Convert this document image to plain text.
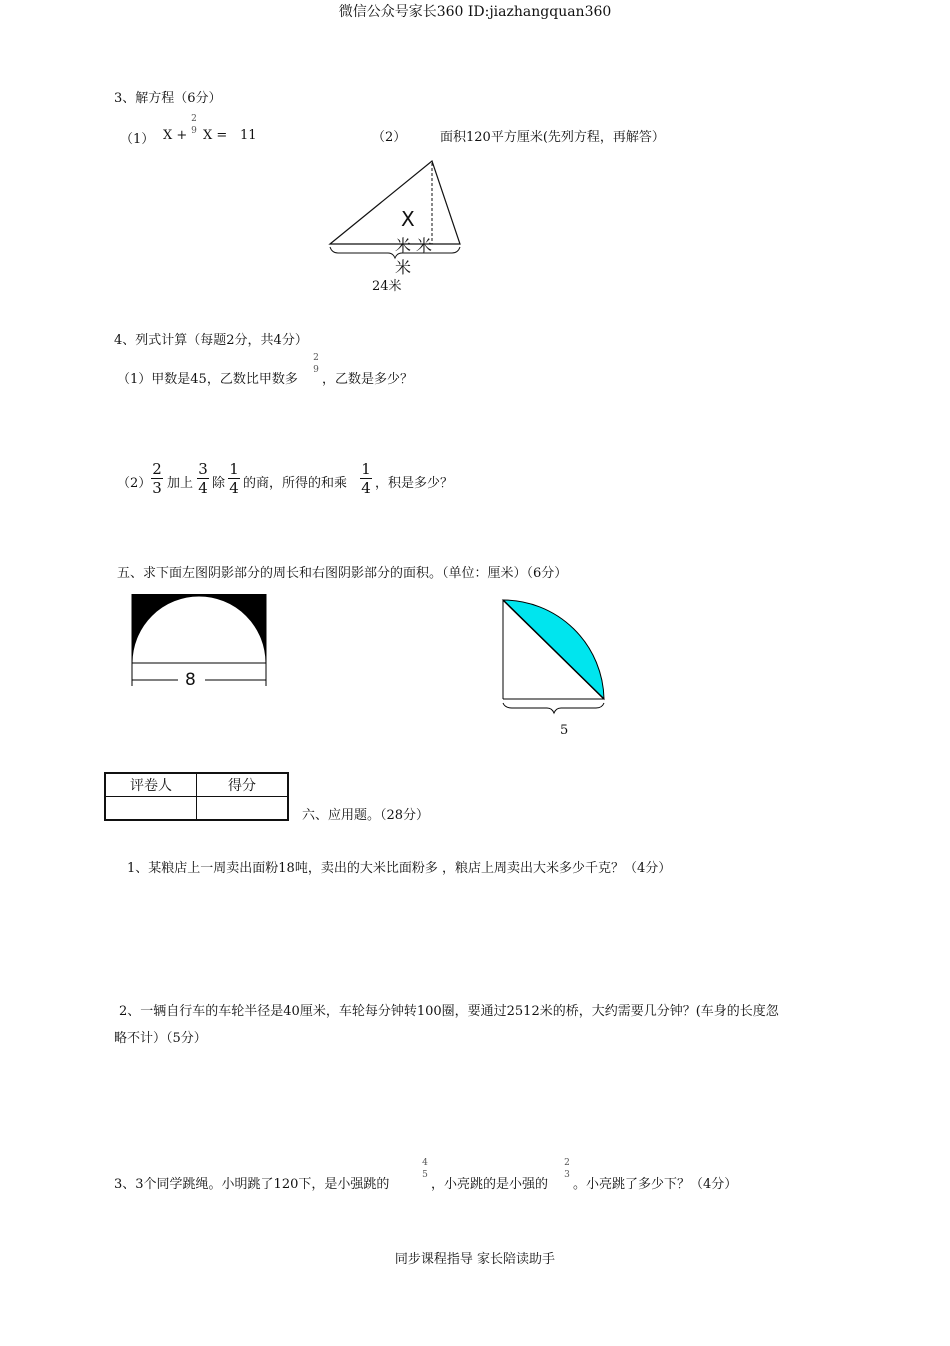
微信公众号家长360 ID:jiazhangquan360
3、解方程（6分）
（1） X +
2
9 X = 11	（2）	面积120平方厘米(先列方程，再解答）
X
米 米
米
24米
4、列式计算（每题2分，共4分）
（1）甲数是45，乙数比甲数多
2
9
，乙数是多少？
（2）
2
3 加上
3
4 除
1
4 的商，所得的和乘
1
4 ，积是多少？
五、求下面左图阴影部分的周长和右图阴影部分的面积。（单位：厘米）（6分）
8
5
评卷人	得分

六、应用题。（28分）
1、某粮店上一周卖出面粉18吨，卖出的大米比面粉多 ，粮店上周卖出大米多少千克？（4分）
2、一辆自行车的车轮半径是40厘米，车轮每分钟转100圈，要通过2512米的桥，大约需要几分钟？(车身的长度忽
略不计）（5分）
3、3个同学跳绳。小明跳了120下，是小强跳的
4
5
，小亮跳的是小强的
2
3
。小亮跳了多少下？（4分）
同步课程指导 家长陪读助手
